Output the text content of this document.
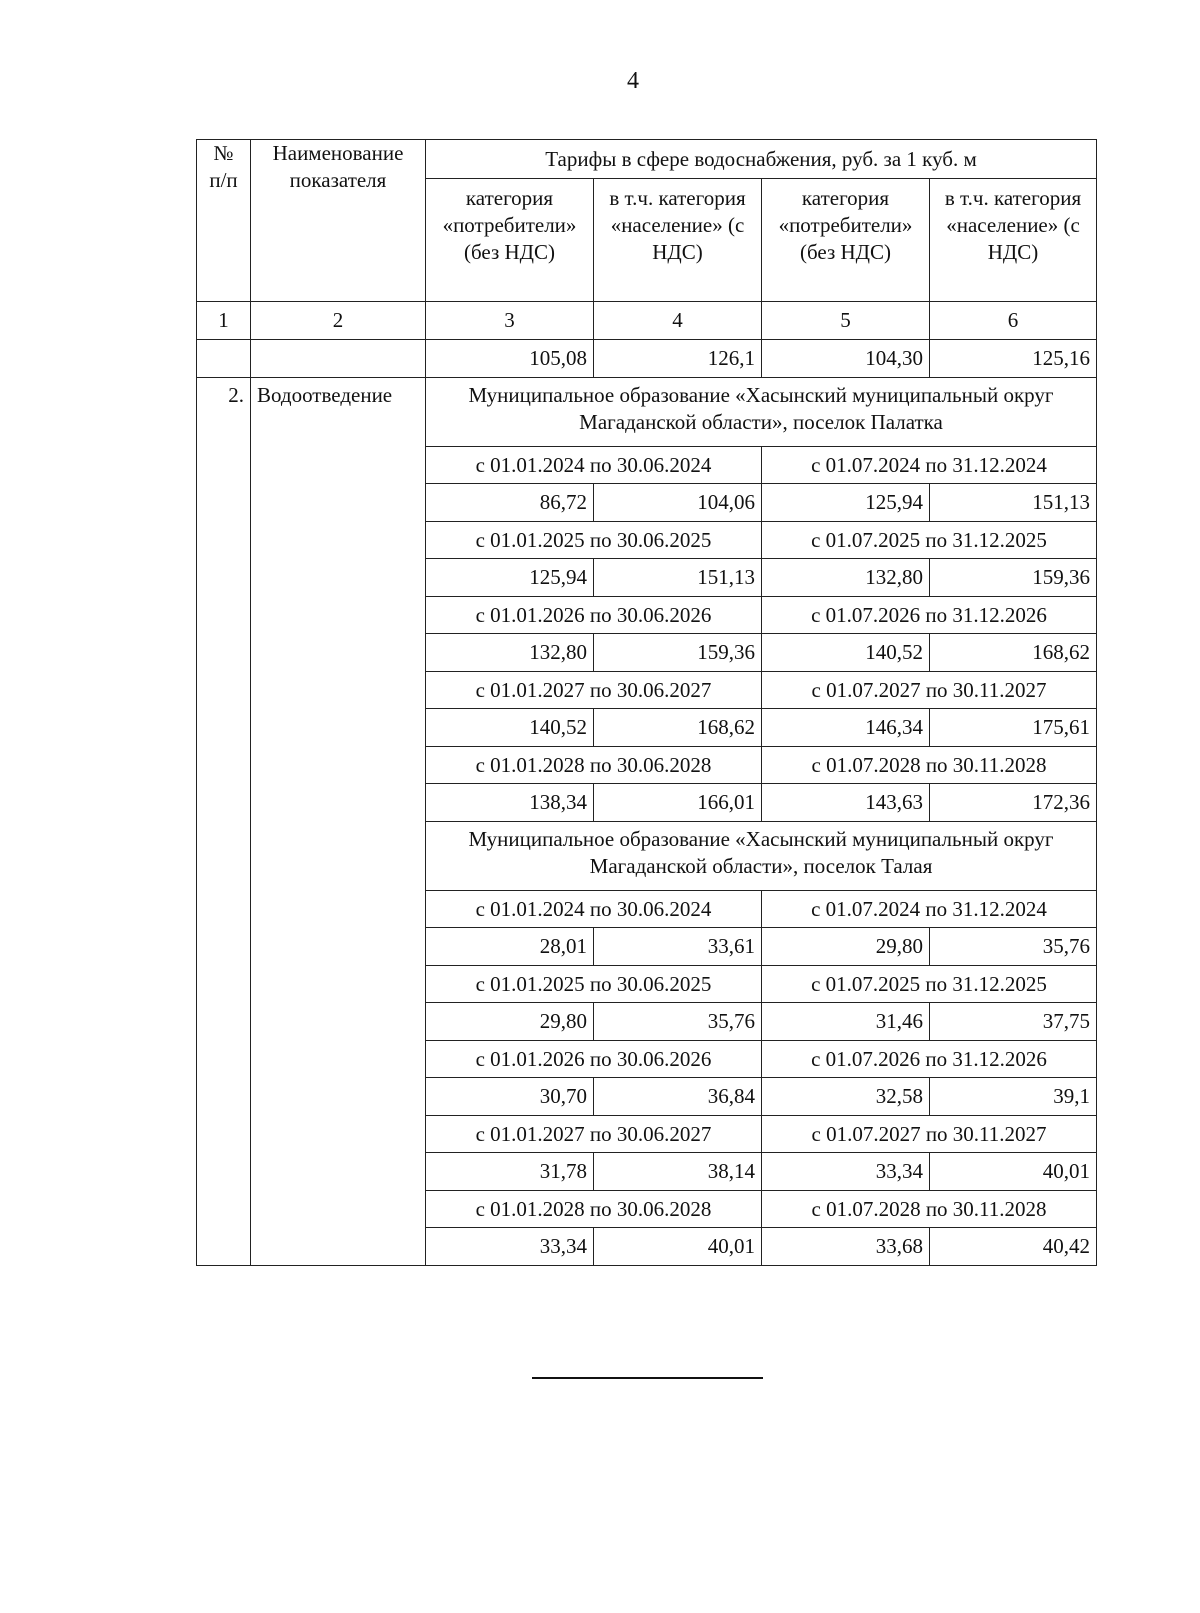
4
№ п/п	Наименование показателя	Тарифы в сфере водоснабжения, руб. за 1 куб. м			
		категория «потребители» (без НДС)	в т.ч. категория «население» (с НДС)	категория «потребители» (без НДС)	в т.ч. категория «население» (с НДС)
1	2	3	4	5	6
		105,08	126,1	104,30	125,16
2.	Водоотведение	Муниципальное образование «Хасынский муниципальный округ Магаданской области», поселок Палатка			
		с 01.01.2024 по 30.06.2024		с 01.07.2024 по 31.12.2024	
		86,72	104,06	125,94	151,13
		с 01.01.2025 по 30.06.2025		с 01.07.2025 по 31.12.2025	
		125,94	151,13	132,80	159,36
		с 01.01.2026 по 30.06.2026		с 01.07.2026 по 31.12.2026	
		132,80	159,36	140,52	168,62
		с 01.01.2027 по 30.06.2027		с 01.07.2027 по 30.11.2027	
		140,52	168,62	146,34	175,61
		с 01.01.2028 по 30.06.2028		с 01.07.2028 по 30.11.2028	
		138,34	166,01	143,63	172,36
		Муниципальное образование «Хасынский муниципальный округ Магаданской области», поселок Талая			
		с 01.01.2024 по 30.06.2024		с 01.07.2024 по 31.12.2024	
		28,01	33,61	29,80	35,76
		с 01.01.2025 по 30.06.2025		с 01.07.2025 по 31.12.2025	
		29,80	35,76	31,46	37,75
		с 01.01.2026 по 30.06.2026		с 01.07.2026 по 31.12.2026	
		30,70	36,84	32,58	39,1
		с 01.01.2027 по 30.06.2027		с 01.07.2027 по 30.11.2027	
		31,78	38,14	33,34	40,01
		с 01.01.2028 по 30.06.2028		с 01.07.2028 по 30.11.2028	
		33,34	40,01	33,68	40,42
